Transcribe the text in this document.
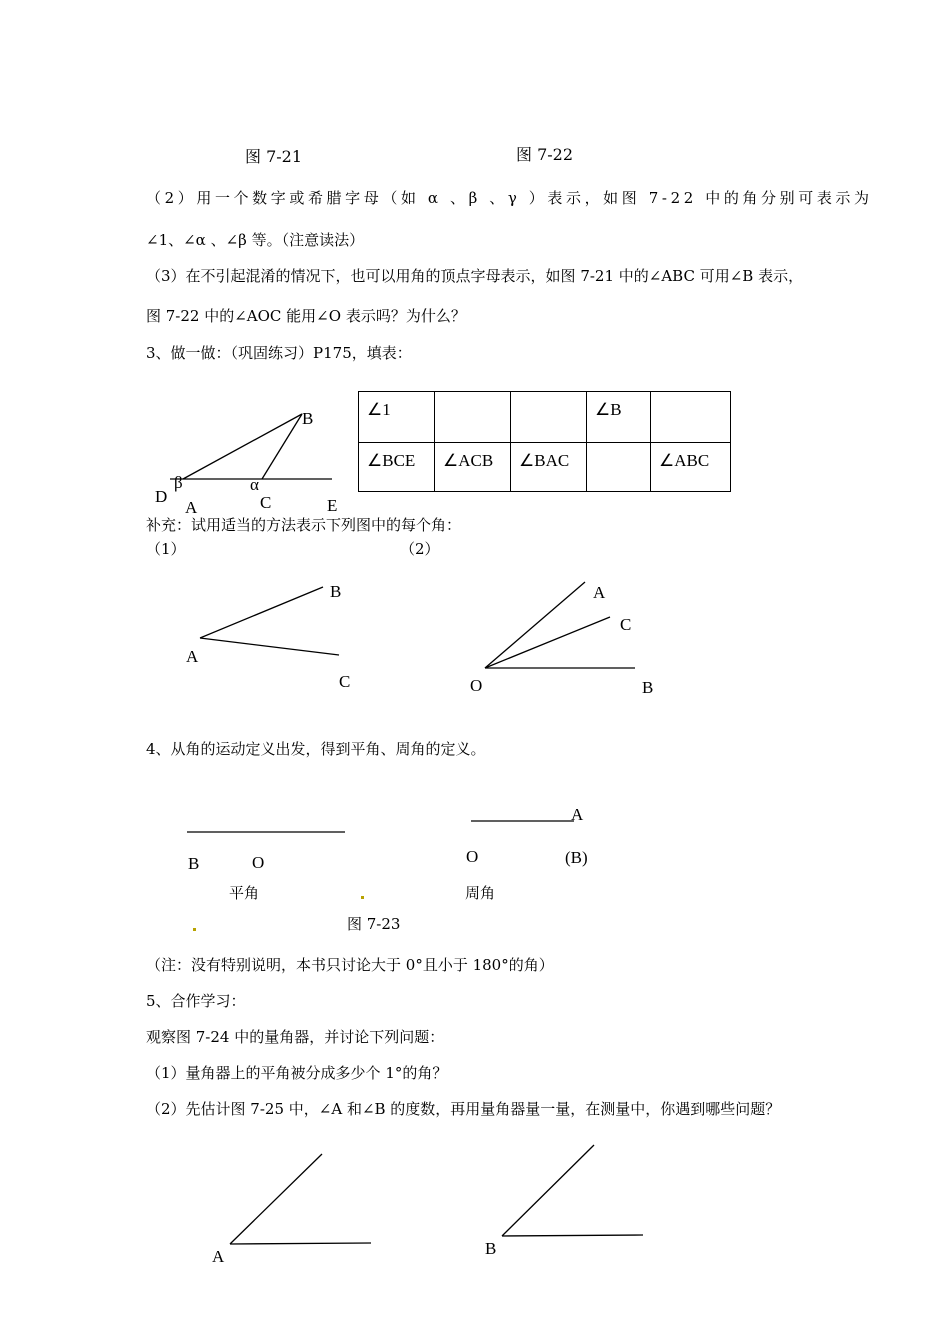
图 7-21	图 7-22
（2）用一个数字或希腊字母（如 α 、β 、γ ）表示，如图 7-22 中的角分别可表示为
∠1、∠α 、∠β 等。（注意读法）
（3）在不引起混淆的情况下，也可以用角的顶点字母表示，如图 7-21 中的∠ABC 可用∠B 表示，
图 7-22 中的∠AOC 能用∠O 表示吗？为什么？
3、做一做：（巩固练习）P175，填表：
B
D
β	α
A	C	E
∠1			∠B	

∠BCE	∠ACB	∠BAC		∠ABC
补充：试用适当的方法表示下列图中的每个角：
（1）	（2）
B
A
C
A
C
O	B
4、从角的运动定义出发，得到平角、周角的定义。
B	O
平角
A
O	(B)
周角
图 7-23
（注：没有特别说明，本书只讨论大于 0°且小于 180°的角）
5、合作学习：
观察图 7-24 中的量角器，并讨论下列问题：
（1）量角器上的平角被分成多少个 1°的角？
（2）先估计图 7-25 中，∠A 和∠B 的度数，再用量角器量一量，在测量中，你遇到哪些问题？
A	B
